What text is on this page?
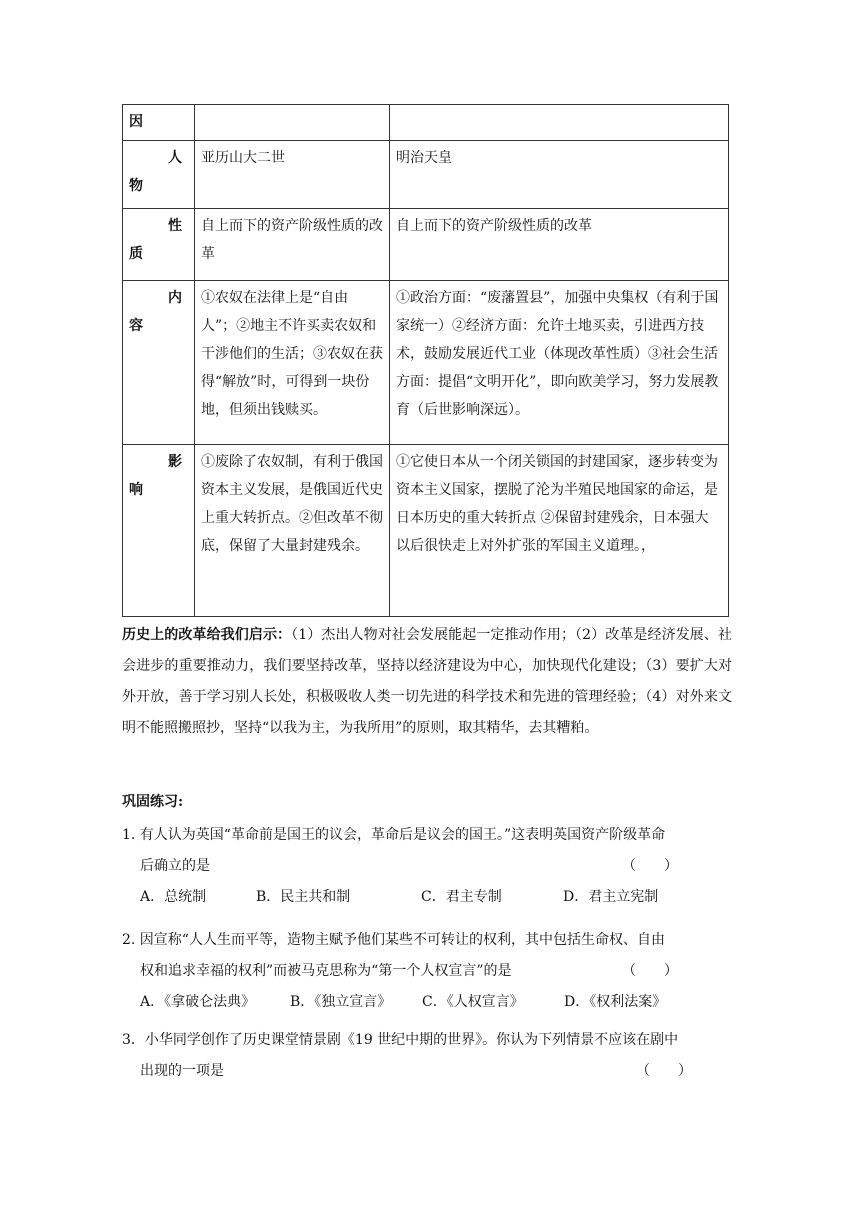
因		

人
物	亚历山大二世	明治天皇

性
质	自上而下的资产阶级性质的改革	自上而下的资产阶级性质的改革

内
容	①农奴在法律上是“自由人”；②地主不许买卖农奴和干涉他们的生活；③农奴在获得“解放”时，可得到一块份地，但须出钱赎买。	①政治方面：“废藩置县”，加强中央集权（有利于国家统一）②经济方面：允许土地买卖，引进西方技术，鼓励发展近代工业（体现改革性质）③社会生活方面：提倡“文明开化”，即向欧美学习，努力发展教育（后世影响深远）。

影
响	①废除了农奴制，有利于俄国资本主义发展，是俄国近代史上重大转折点。②但改革不彻底，保留了大量封建残余。	①它使日本从一个闭关锁国的封建国家，逐步转变为资本主义国家，摆脱了沦为半殖民地国家的命运，是日本历史的重大转折点 ②保留封建残余，日本强大以后很快走上对外扩张的军国主义道理。，
历史上的改革给我们启示：（1）杰出人物对社会发展能起一定推动作用；（2）改革是经济发展、社会进步的重要推动力，我们要坚持改革，坚持以经济建设为中心，加快现代化建设；（3）要扩大对外开放，善于学习别人长处，积极吸收人类一切先进的科学技术和先进的管理经验；（4）对外来文明不能照搬照抄，坚持“以我为主，为我所用”的原则，取其精华，去其糟粕。
巩固练习:
1. 有人认为英国“革命前是国王的议会，革命后是议会的国王。”这表明英国资产阶级革命
后确立的是	（　　）
A．总统制	B．民主共和制	C．君主专制	D．君主立宪制
2. 因宣称“人人生而平等，造物主赋予他们某些不可转让的权利，其中包括生命权、自由
权和追求幸福的权利”而被马克思称为“第一个人权宣言”的是	（　　）
A．《拿破仑法典》	B．《独立宣言》	C．《人权宣言》	D．《权利法案》
3．小华同学创作了历史课堂情景剧《19 世纪中期的世界》。你认为下列情景不应该在剧中
出现的一项是	（　　）
